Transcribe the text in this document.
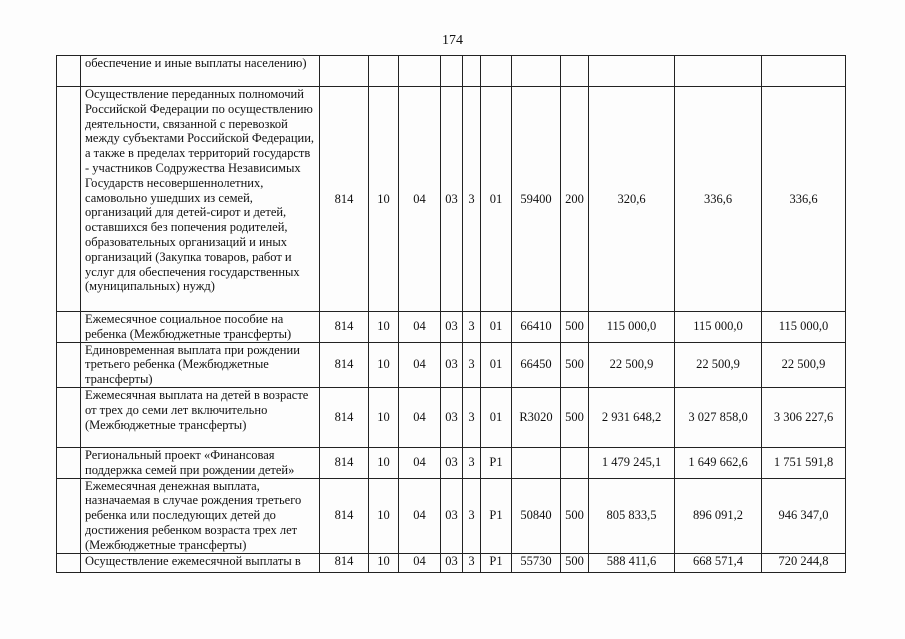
174
	обеспечение и иные выплаты населению)											
	Осуществление переданных полномочий Российской Федерации по осуществлению деятельности, связанной с перевозкой между субъектами Российской Федерации, а также в пределах территорий государств - участников Содружества Независимых Государств несовершеннолетних, самовольно ушедших из семей, организаций для детей-сирот и детей, оставшихся без попечения родителей, образовательных организаций и иных организаций (Закупка товаров, работ и услуг для обеспечения государственных (муниципальных) нужд)	814	10	04	03	3	01	59400	200	320,6	336,6	336,6
	Ежемесячное социальное пособие на ребенка (Межбюджетные трансферты)	814	10	04	03	3	01	66410	500	115 000,0	115 000,0	115 000,0
	Единовременная выплата при рождении третьего ребенка (Межбюджетные трансферты)	814	10	04	03	3	01	66450	500	22 500,9	22 500,9	22 500,9
	Ежемесячная выплата на детей в возрасте от трех до семи лет включительно (Межбюджетные трансферты)	814	10	04	03	3	01	R3020	500	2 931 648,2	3 027 858,0	3 306 227,6
	Региональный проект «Финансовая поддержка семей при рождении детей»	814	10	04	03	3	P1			1 479 245,1	1 649 662,6	1 751 591,8
	Ежемесячная денежная выплата, назначаемая в случае рождения третьего ребенка или последующих детей до достижения ребенком возраста трех лет (Межбюджетные трансферты)	814	10	04	03	3	P1	50840	500	805 833,5	896 091,2	946 347,0
	Осуществление ежемесячной выплаты в	814	10	04	03	3	P1	55730	500	588 411,6	668 571,4	720 244,8
